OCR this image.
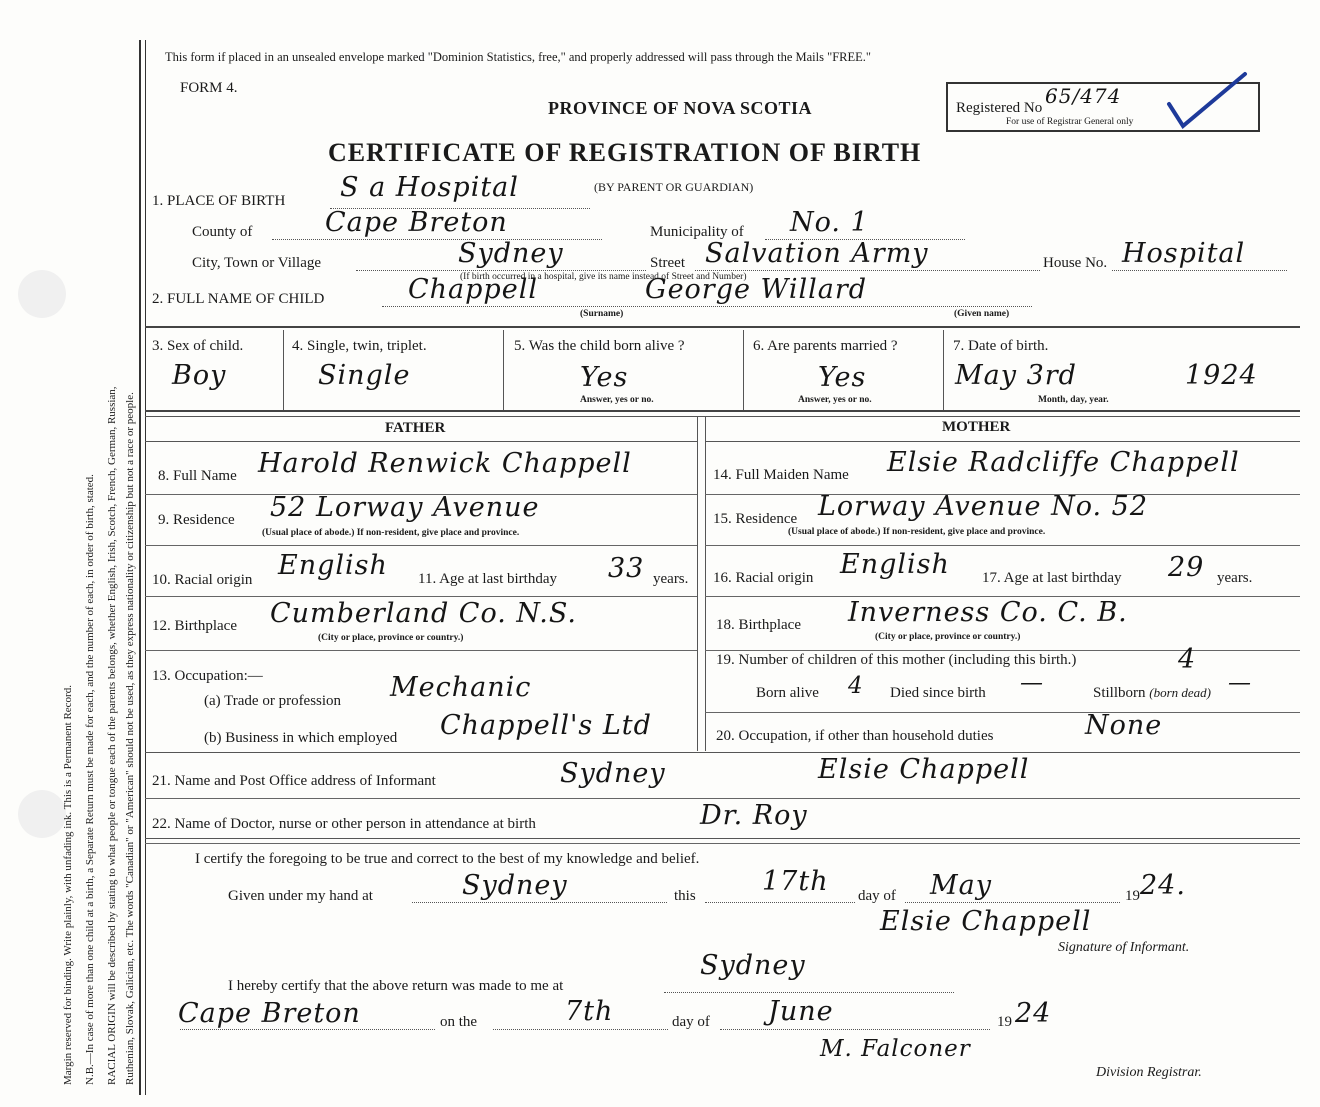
Margin reserved for binding. Write plainly, with unfading ink. This is a Permanent Record. N.B.—In case of more than one child at a birth, a Separate Return must be made for each, and the number of each, in order of birth, stated. RACIAL ORIGIN will be described by stating to what people or tongue each of the parents belongs, whether English, Irish, Scotch, French, German, Russian, Ruthenian, Slovak, Galician, etc. The words "Canadian" or "American" should not be used, as they express nationality or citizenship but not a race or people.
This form if placed in an unsealed envelope marked "Dominion Statistics, free," and properly addressed will pass through the Mails "FREE."
FORM 4.
PROVINCE OF NOVA SCOTIA
CERTIFICATE OF REGISTRATION OF BIRTH
Registered No 65/474
For use of Registrar General only
1. PLACE OF BIRTH S a Hospital	(BY PARENT OR GUARDIAN)
County of	Cape Breton	Municipality of No. 1
City, Town or Village	Sydney	Street Salvation Army	House No. Hospital
(If birth occurred in a hospital, give its name instead of Street and Number)
2. FULL NAME OF CHILD	Chappell	George Willard
(Surname)	(Given name)
3. Sex of child.
Boy
4. Single, twin, triplet.
Single
5. Was the child born alive ?
Yes
Answer, yes or no.
6. Are parents married ?
Yes
Answer, yes or no.
7. Date of birth.
May 3rd	1924
Month, day, year.
FATHER	MOTHER
8. Full Name Harold Renwick Chappell
9. Residence 52 Lorway Avenue
(Usual place of abode.) If non-resident, give place and province.
10. Racial origin English 11. Age at last birthday 33 years.
12. Birthplace Cumberland Co. N.S.
(City or place, province or country.)
13. Occupation:—
(a) Trade or profession Mechanic
(b) Business in which employed Chappell's Ltd
14. Full Maiden Name Elsie Radcliffe Chappell
15. Residence Lorway Avenue No. 52
(Usual place of abode.) If non-resident, give place and province.
16. Racial origin English 17. Age at last birthday 29 years.
18. Birthplace Inverness Co. C. B.
(City or place, province or country.)
19. Number of children of this mother (including this birth.)	4
Born alive 4 Died since birth —	Stillborn (born dead) —
20. Occupation, if other than household duties	None
21. Name and Post Office address of Informant	Sydney	Elsie Chappell
22. Name of Doctor, nurse or other person in attendance at birth	Dr. Roy
I certify the foregoing to be true and correct to the best of my knowledge and belief.
Given under my hand at	Sydney	this 17th day of May	19 24.
Elsie Chappell
Signature of Informant.
I hereby certify that the above return was made to me at
Sydney
Cape Breton	on the	7th	day of June	19 24
M. Falconer
Division Registrar.
